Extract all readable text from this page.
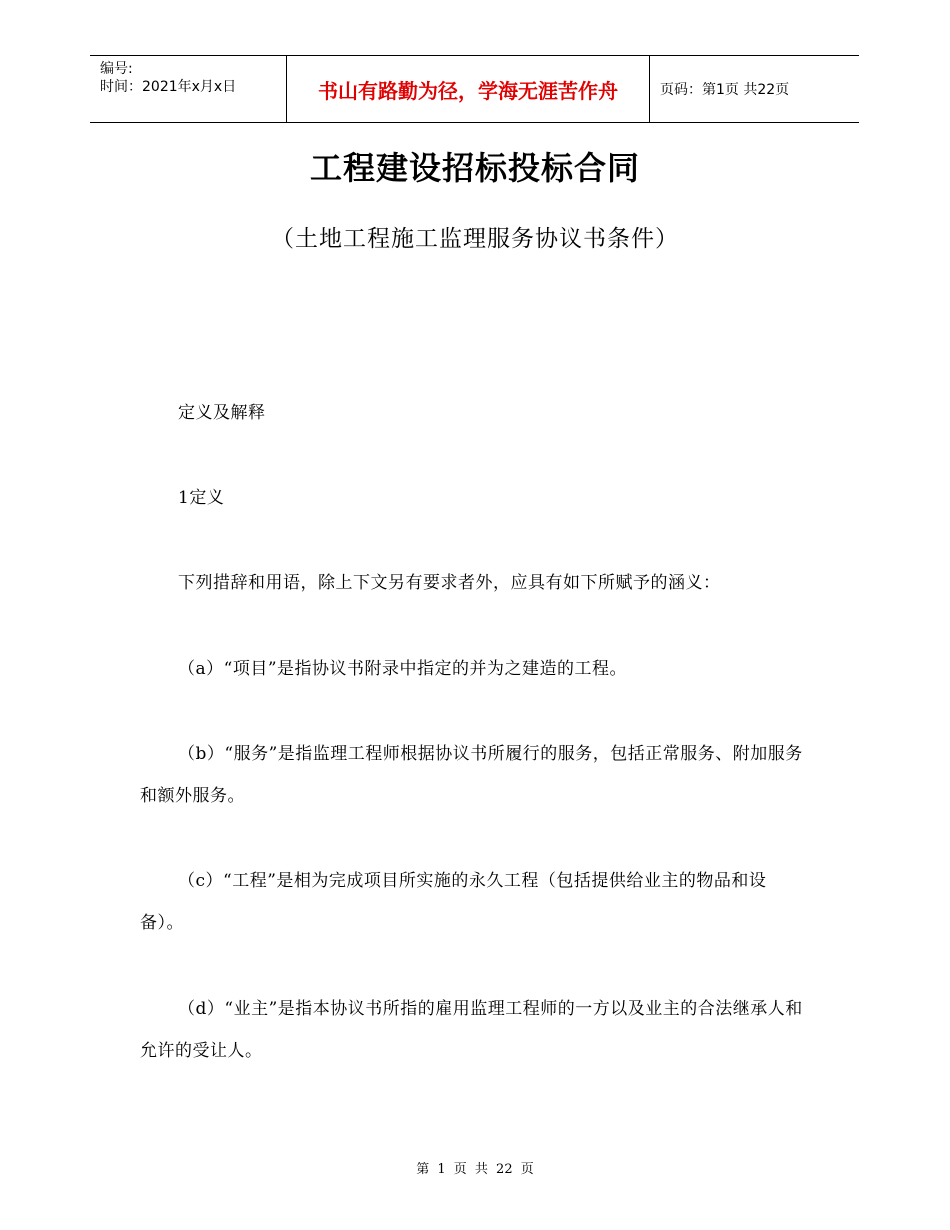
编号:
时间：2021年x月x日	书山有路勤为径，学海无涯苦作舟	页码：第1页 共22页
工程建设招标投标合同
（土地工程施工监理服务协议书条件）

定义及解释

1定义

下列措辞和用语，除上下文另有要求者外，应具有如下所赋予的涵义：

（a）“项目”是指协议书附录中指定的并为之建造的工程。

（b）“服务”是指监理工程师根据协议书所履行的服务，包括正常服务、附加服务和额外服务。

（c）“工程”是相为完成项目所实施的永久工程（包括提供给业主的物品和设备）。

（d）“业主”是指本协议书所指的雇用监理工程师的一方以及业主的合法继承人和允许的受让人。

第 1 页 共 22 页
